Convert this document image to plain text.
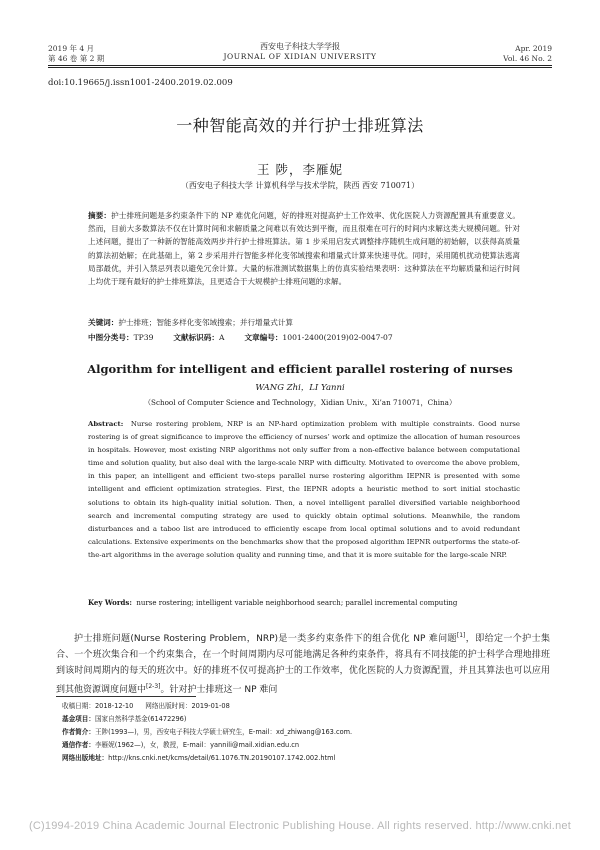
2019 年 4 月
第 46 卷 第 2 期
西安电子科技大学学报
JOURNAL OF XIDIAN UNIVERSITY
Apr. 2019
Vol. 46 No. 2
doi:10.19665/j.issn1001-2400.2019.02.009
一种智能高效的并行护士排班算法
王 陟，李雁妮
（西安电子科技大学 计算机科学与技术学院，陕西 西安 710071）
摘要：护士排班问题是多约束条件下的 NP 难优化问题，好的排班对提高护士工作效率、优化医院人力资源配置具有重要意义。然而，目前大多数算法不仅在计算时间和求解质量之间难以有效达到平衡，而且很难在可行的时间内求解这类大规模问题。针对上述问题，提出了一种新的智能高效两步并行护士排班算法。第 1 步采用启发式调整排序随机生成问题的初始解，以获得高质量的算法初始解；在此基础上，第 2 步采用并行智能多样化变邻域搜索和增量式计算来快速寻优。同时，采用随机扰动使算法逃离局部最优，并引入禁忌列表以避免冗余计算。大量的标准测试数据集上的仿真实验结果表明：这种算法在平均解质量和运行时间上均优于现有最好的护士排班算法，且更适合于大规模护士排班问题的求解。
关键词：护士排班；智能多样化变邻域搜索；并行增量式计算
中图分类号：TP39	文献标识码：A	文章编号：1001-2400(2019)02-0047-07
Algorithm for intelligent and efficient parallel rostering of nurses
WANG Zhi，LI Yanni
（School of Computer Science and Technology，Xidian Univ.，Xi’an 710071，China）
Abstract: Nurse rostering problem, NRP is an NP-hard optimization problem with multiple constraints. Good nurse rostering is of great significance to improve the efficiency of nurses’ work and optimize the allocation of human resources in hospitals. However, most existing NRP algorithms not only suffer from a non-effective balance between computational time and solution quality, but also deal with the large-scale NRP with difficulty. Motivated to overcome the above problem, in this paper, an intelligent and efficient two-steps parallel nurse rostering algorithm IEPNR is presented with some intelligent and efficient optimization strategies. First, the IEPNR adopts a heuristic method to sort initial stochastic solutions to obtain its high-quality initial solution. Then, a novel intelligent parallel diversified variable neighborhood search and incremental computing strategy are used to quickly obtain optimal solutions. Meanwhile, the random disturbances and a taboo list are introduced to efficiently escape from local optimal solutions and to avoid redundant calculations. Extensive experiments on the benchmarks show that the proposed algorithm IEPNR outperforms the state-of-the-art algorithms in the average solution quality and running time, and that it is more suitable for the large-scale NRP.
Key Words: nurse rostering; intelligent variable neighborhood search; parallel incremental computing
护士排班问题(Nurse Rostering Problem，NRP)是一类多约束条件下的组合优化 NP 难问题[1]，即给定一个护士集合、一个班次集合和一个约束集合，在一个时间周期内尽可能地满足各种约束条件，将具有不同技能的护士科学合理地排班到该时间周期内的每天的班次中。好的排班不仅可提高护士的工作效率，优化医院的人力资源配置，并且其算法也可以应用到其他资源调度问题中[2-3]。针对护士排班这一 NP 难问
收稿日期：2018-12-10 网络出版时间：2019-01-08
基金项目：国家自然科学基金(61472296)
作者简介：王陟(1993—)，男，西安电子科技大学硕士研究生，E-mail：xd_zhiwang@163.com.
通信作者：李雁妮(1962—)，女，教授，E-mail：yannili@mail.xidian.edu.cn
网络出版地址：http://kns.cnki.net/kcms/detail/61.1076.TN.20190107.1742.002.html
(C)1994-2019 China Academic Journal Electronic Publishing House. All rights reserved. http://www.cnki.net
